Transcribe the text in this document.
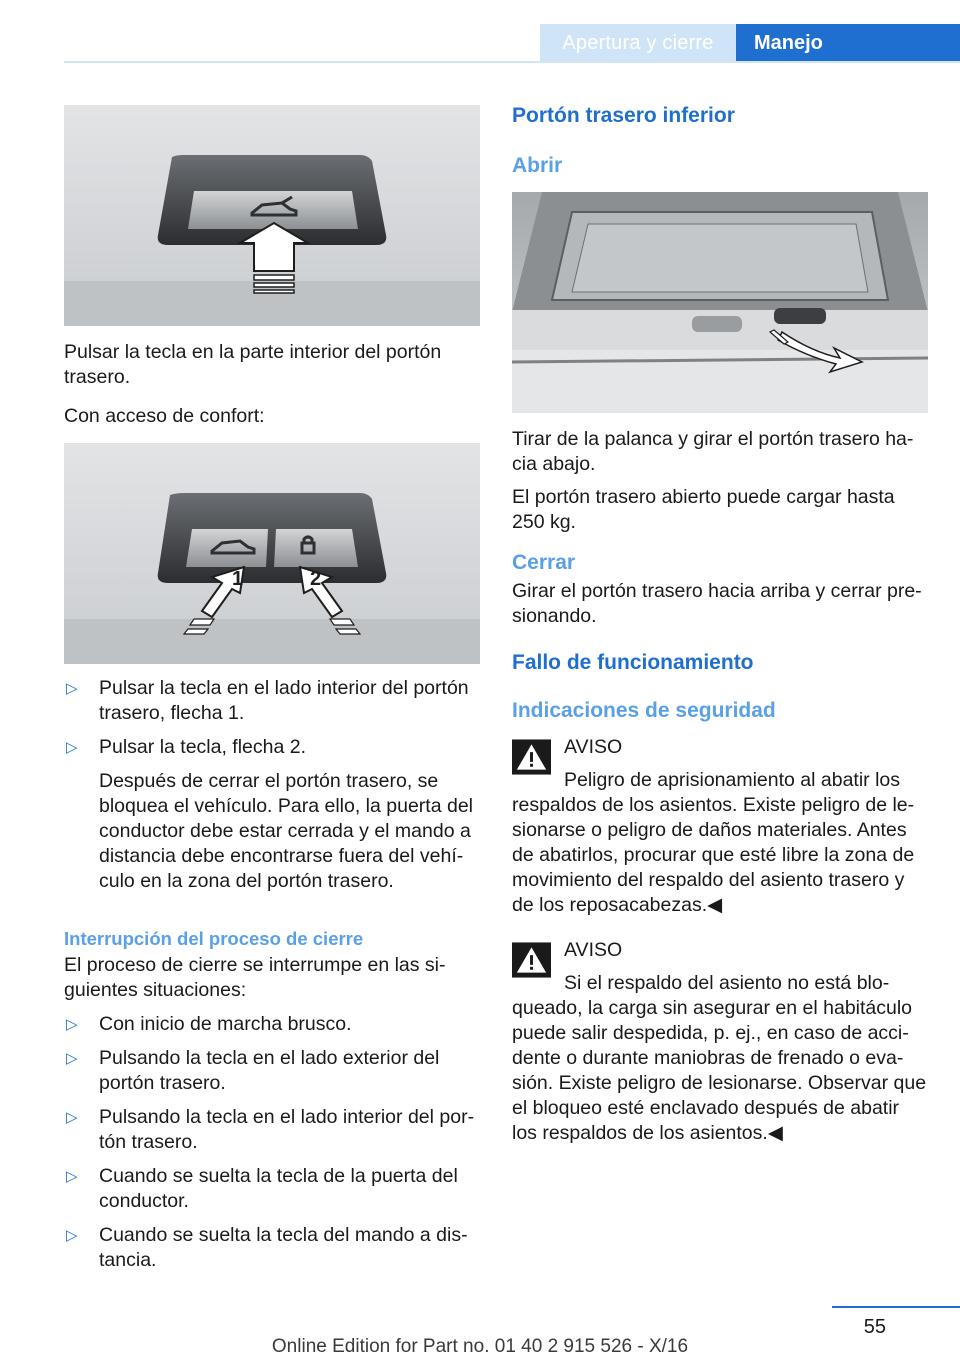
Apertura y cierre	Manejo

Pulsar la tecla en la parte interior del portón trasero.

Con acceso de confort:

1	2
▷ Pulsar la tecla en el lado interior del portón trasero, flecha 1.
▷ Pulsar la tecla, flecha 2.
Después de cerrar el portón trasero, se bloquea el vehículo. Para ello, la puerta del conductor debe estar cerrada y el mando a distancia debe encontrarse fuera del vehí‐culo en la zona del portón trasero.

Interrupción del proceso de cierre

El proceso de cierre se interrumpe en las si‐guientes situaciones:

▷ Con inicio de marcha brusco.
▷ Pulsando la tecla en el lado exterior del portón trasero.
▷ Pulsando la tecla en el lado interior del por‐tón trasero.
▷ Cuando se suelta la tecla de la puerta del conductor.
▷ Cuando se suelta la tecla del mando a dis‐tancia.

Portón trasero inferior

Abrir

Tirar de la palanca y girar el portón trasero ha‐cia abajo.

El portón trasero abierto puede cargar hasta 250 kg.

Cerrar

Girar el portón trasero hacia arriba y cerrar pre‐sionando.

Fallo de funcionamiento

Indicaciones de seguridad

AVISO
Peligro de aprisionamiento al abatir los
respaldos de los asientos. Existe peligro de le‐sionarse o peligro de daños materiales. Antes de abatirlos, procurar que esté libre la zona de movimiento del respaldo del asiento trasero y de los reposacabezas.◀
AVISO
Si el respaldo del asiento no está blo‐
queado, la carga sin asegurar en el habitáculo puede salir despedida, p. ej., en caso de acci‐dente o durante maniobras de frenado o eva‐sión. Existe peligro de lesionarse. Observar que el bloqueo esté enclavado después de abatir los respaldos de los asientos.◀
55
Online Edition for Part no. 01 40 2 915 526 - X/16
